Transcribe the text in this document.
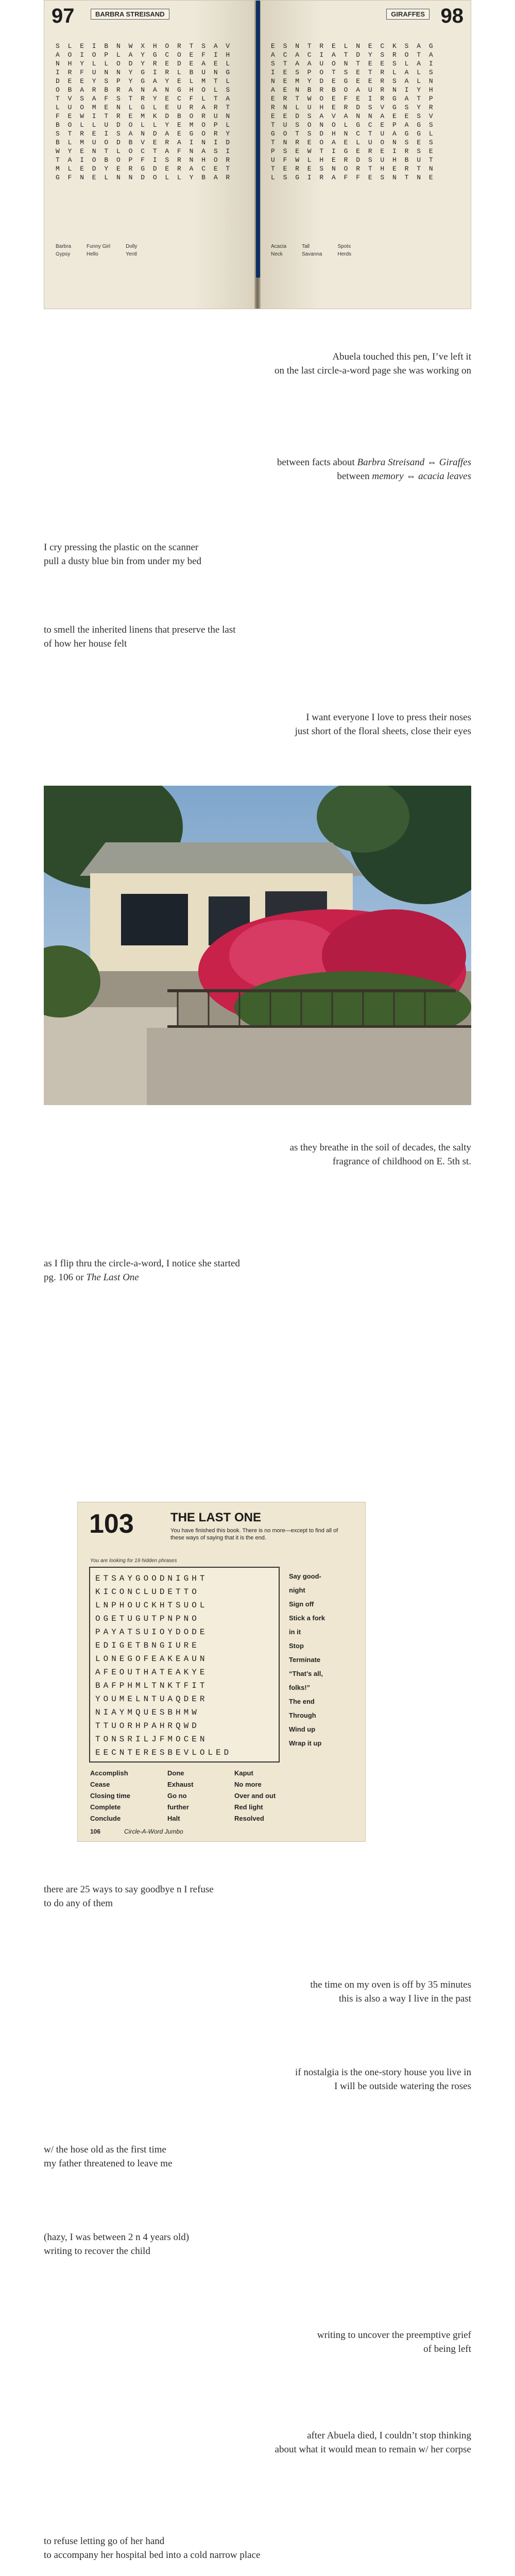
97	BARBRA STREISAND
S L E I B N W X H O R T S A V
A O I O P L A Y G C O E F I H
N H Y L L O D Y R E D E A E L
I R F U N N Y G I R L B U N G
D E E Y S P Y G A Y E L M T L
O B A R B R A N A N G H O L S
T V S A F S T R Y E C F L T A
L U O M E N L G L E U R A R T
F E W I T R E M K D B O R U N
B O L L U D O L L Y E M O P L
S T R E I S A N D A E G O R Y
B L M U O D B V E R A I N I D
W Y E N T L O C T A F N A S I
T A I O B O P F I S R N H O R
M L E D Y E R G D E R A C E T
G F N E L N N D O L L Y B A R
Barbra
Gypsy
Funny Girl
Hello
Dolly
Yentl
98
GIRAFFES
E S N T R E L N E C K S A G
A C A C I A T D Y S R O T A
S T A A U O N T E E S L A I
I E S P O T S E T R L A L S
N E M Y D E G E E R S A L N
A E N B R B O A U R N I Y H
E R T W O E F E I R G A T P
R N L U H E R D S V G S Y R
E E D S A V A N N A E E S V
T U S O N O L G C E P A G S
G O T S D H N C T U A G G L
T N R E O A E L U O N S E S
P S E W T I G E R E I R S E
U F W L H E R D S U H B U T
T E R E S N O R T H E R T N
L S G I R A F F E S N T N E
Acacia
Neck
Tall
Savanna
Spots
Herds
Abuela touched this pen, I’ve left it
on the last circle-a-word page she was working on
between facts about Barbra Streisand ⇔ Giraffes
between memory ⇔ acacia leaves
I cry pressing the plastic on the scanner
pull a dusty blue bin from under my bed
to smell the inherited linens that preserve the last
of how her house felt
I want everyone I love to press their noses
just short of the floral sheets, close their eyes
as they breathe in the soil of decades, the salty
fragrance of childhood on E. 5th st.
as I flip thru the circle-a-word, I notice she started
pg. 106 or The Last One
103	THE LAST ONE
You have finished this book. There is no more—except to find all of these ways of saying that it is the end.
You are looking for 19 hidden phrases
ETSAYGOODNIGHT
KICONCLUDETTO
LNPHOUCKHTSUOL
OGETUGUTPNPNO
PAYATSUIOYDODE
EDIGETBNGIURE
LONEGOFEAKEAUN
AFEOUTHATEAKYE
BAFPHMLTNKTFIT
YOUMELNTUAQDER
NIAYMQUESBHMW
TTUORHPAHRQWD
TONSRILJFMOCEN
EECNTERESBEVLOLED
Say good-
night
Sign off
Stick a fork
in it
Stop
Terminate
“That’s all,
folks!”
The end
Through
Wind up
Wrap it up
Accomplish	Done	Kaput
Cease	Exhaust	No more
Closing time	Go no	Over and out
Complete	further	Red light
Conclude	Halt	Resolved
106	Circle-A-Word Jumbo
there are 25 ways to say goodbye n I refuse
to do any of them
the time on my oven is off by 35 minutes
this is also a way I live in the past
if nostalgia is the one-story house you live in
I will be outside watering the roses
w/ the hose old as the first time
my father threatened to leave me
(hazy, I was between 2 n 4 years old)
writing to recover the child
writing to uncover the preemptive grief
of being left
after Abuela died, I couldn’t stop thinking
about what it would mean to remain w/ her corpse
to refuse letting go of her hand
to accompany her hospital bed into a cold narrow place
